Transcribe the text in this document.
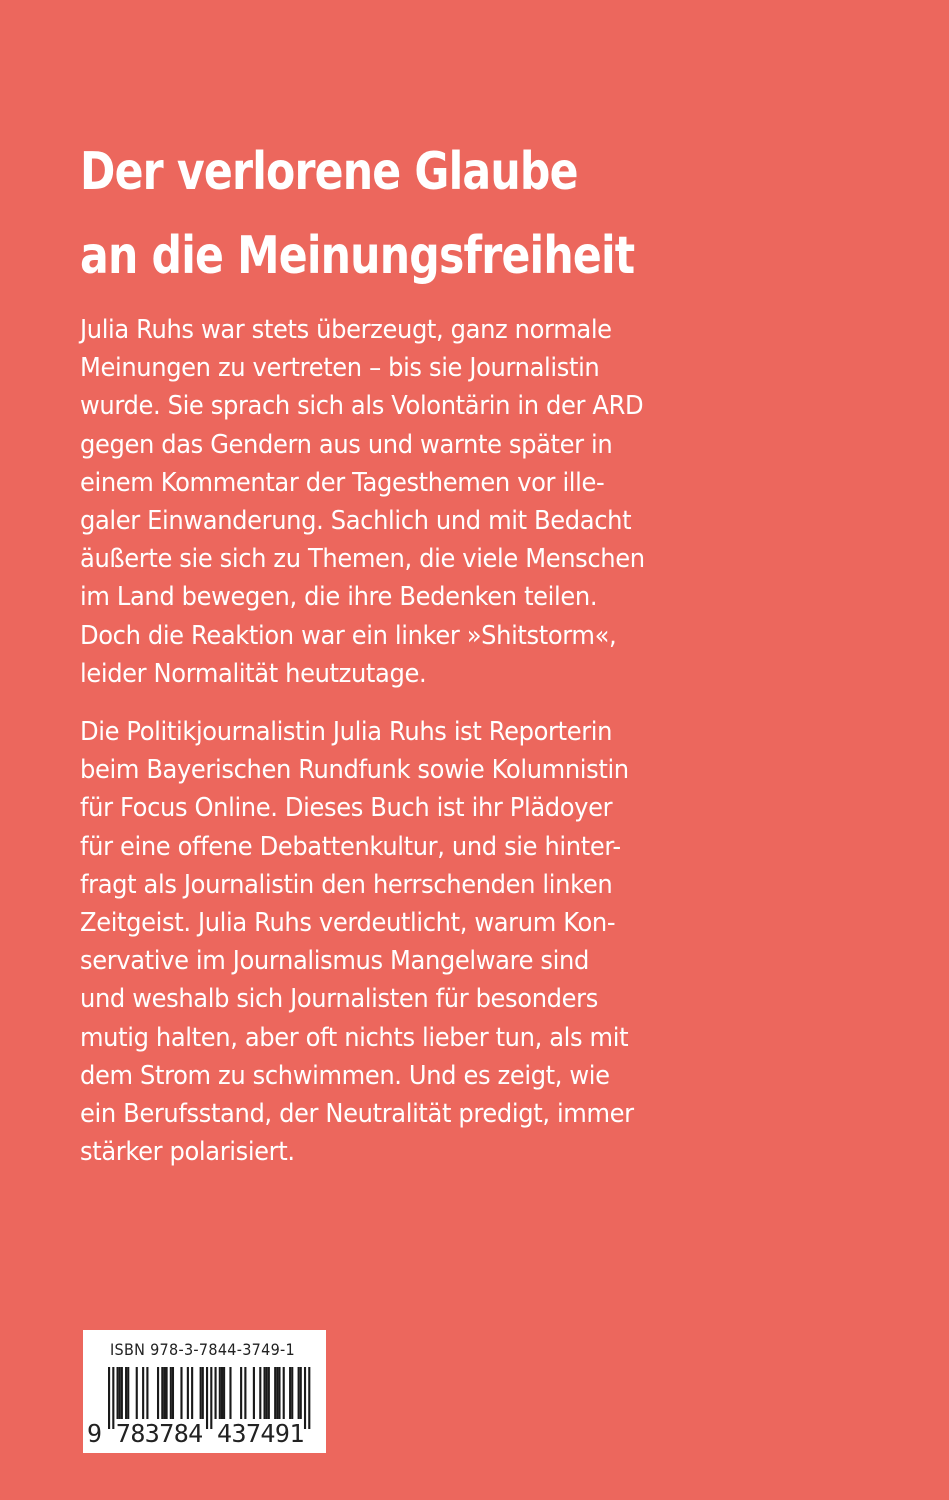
Der verlorene Glaube
an die Meinungsfreiheit

Julia Ruhs war stets überzeugt, ganz normale
Meinungen zu vertreten – bis sie Journalistin
wurde. Sie sprach sich als Volontärin in der ARD
gegen das Gendern aus und warnte später in
einem Kommentar der Tagesthemen vor ille-
galer Einwanderung. Sachlich und mit Bedacht
äußerte sie sich zu Themen, die viele Menschen
im Land bewegen, die ihre Bedenken teilen.
Doch die Reaktion war ein linker »Shitstorm«,
leider Normalität heutzutage.

Die Politikjournalistin Julia Ruhs ist Reporterin
beim Bayerischen Rundfunk sowie Kolumnistin
für Focus Online. Dieses Buch ist ihr Plädoyer
für eine offene Debattenkultur, und sie hinter-
fragt als Journalistin den herrschenden linken
Zeitgeist. Julia Ruhs verdeutlicht, warum Kon-
servative im Journalismus Mangelware sind
und weshalb sich Journalisten für besonders
mutig halten, aber oft nichts lieber tun, als mit
dem Strom zu schwimmen. Und es zeigt, wie
ein Berufsstand, der Neutralität predigt, immer
stärker polarisiert.

ISBN 978-3-7844-3749-1
9 783784 437491
